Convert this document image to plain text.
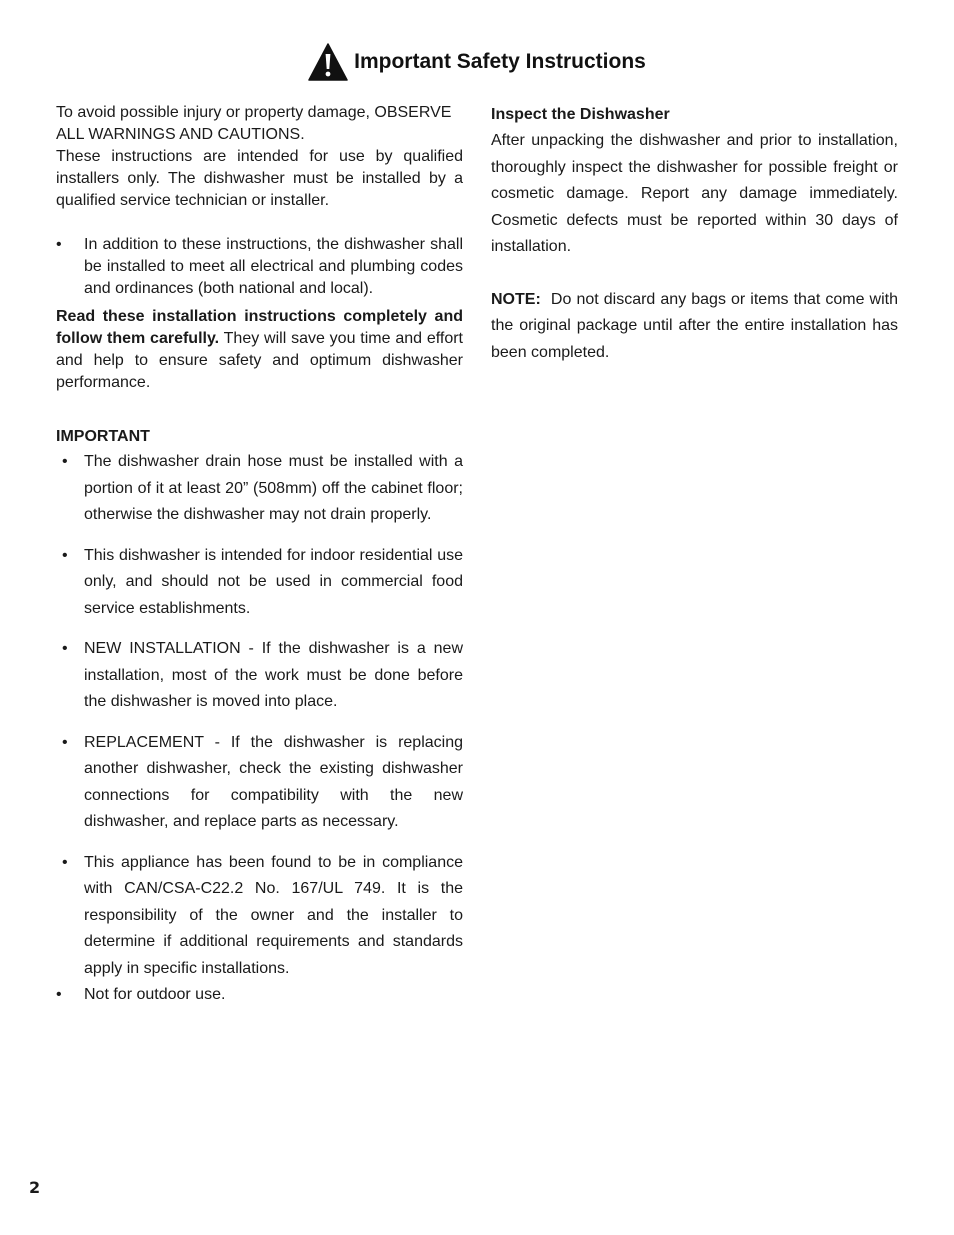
Important Safety Instructions

To avoid possible injury or property damage, OBSERVE ALL WARNINGS AND CAUTIONS.

These instructions are intended for use by qualified installers only. The dishwasher must be installed by a qualified service technician or installer.

• In addition to these instructions, the dishwasher shall be installed to meet all electrical and plumbing codes and ordinances (both national and local).

Read these installation instructions completely and follow them carefully. They will save you time and effort and help to ensure safety and optimum dishwasher performance.

IMPORTANT
• The dishwasher drain hose must be installed with a portion of it at least 20” (508mm) off the cabinet floor; otherwise the dishwasher may not drain properly.
• This dishwasher is intended for indoor residential use only, and should not be used in commercial food service establishments.
• NEW INSTALLATION - If the dishwasher is a new installation, most of the work must be done before the dishwasher is moved into place.
• REPLACEMENT - If the dishwasher is replacing another dishwasher, check the existing dishwasher connections for compatibility with the new dishwasher, and replace parts as necessary.
• This appliance has been found to be in compliance with CAN/CSA-C22.2 No. 167/UL 749. It is the responsibility of the owner and the installer to determine if additional requirements and standards apply in specific installations.
• Not for outdoor use.
Inspect the Dishwasher

After unpacking the dishwasher and prior to installation, thoroughly inspect the dishwasher for possible freight or cosmetic damage. Report any damage immediately. Cosmetic defects must be reported within 30 days of installation.

NOTE: Do not discard any bags or items that come with the original package until after the entire installation has been completed.

2
